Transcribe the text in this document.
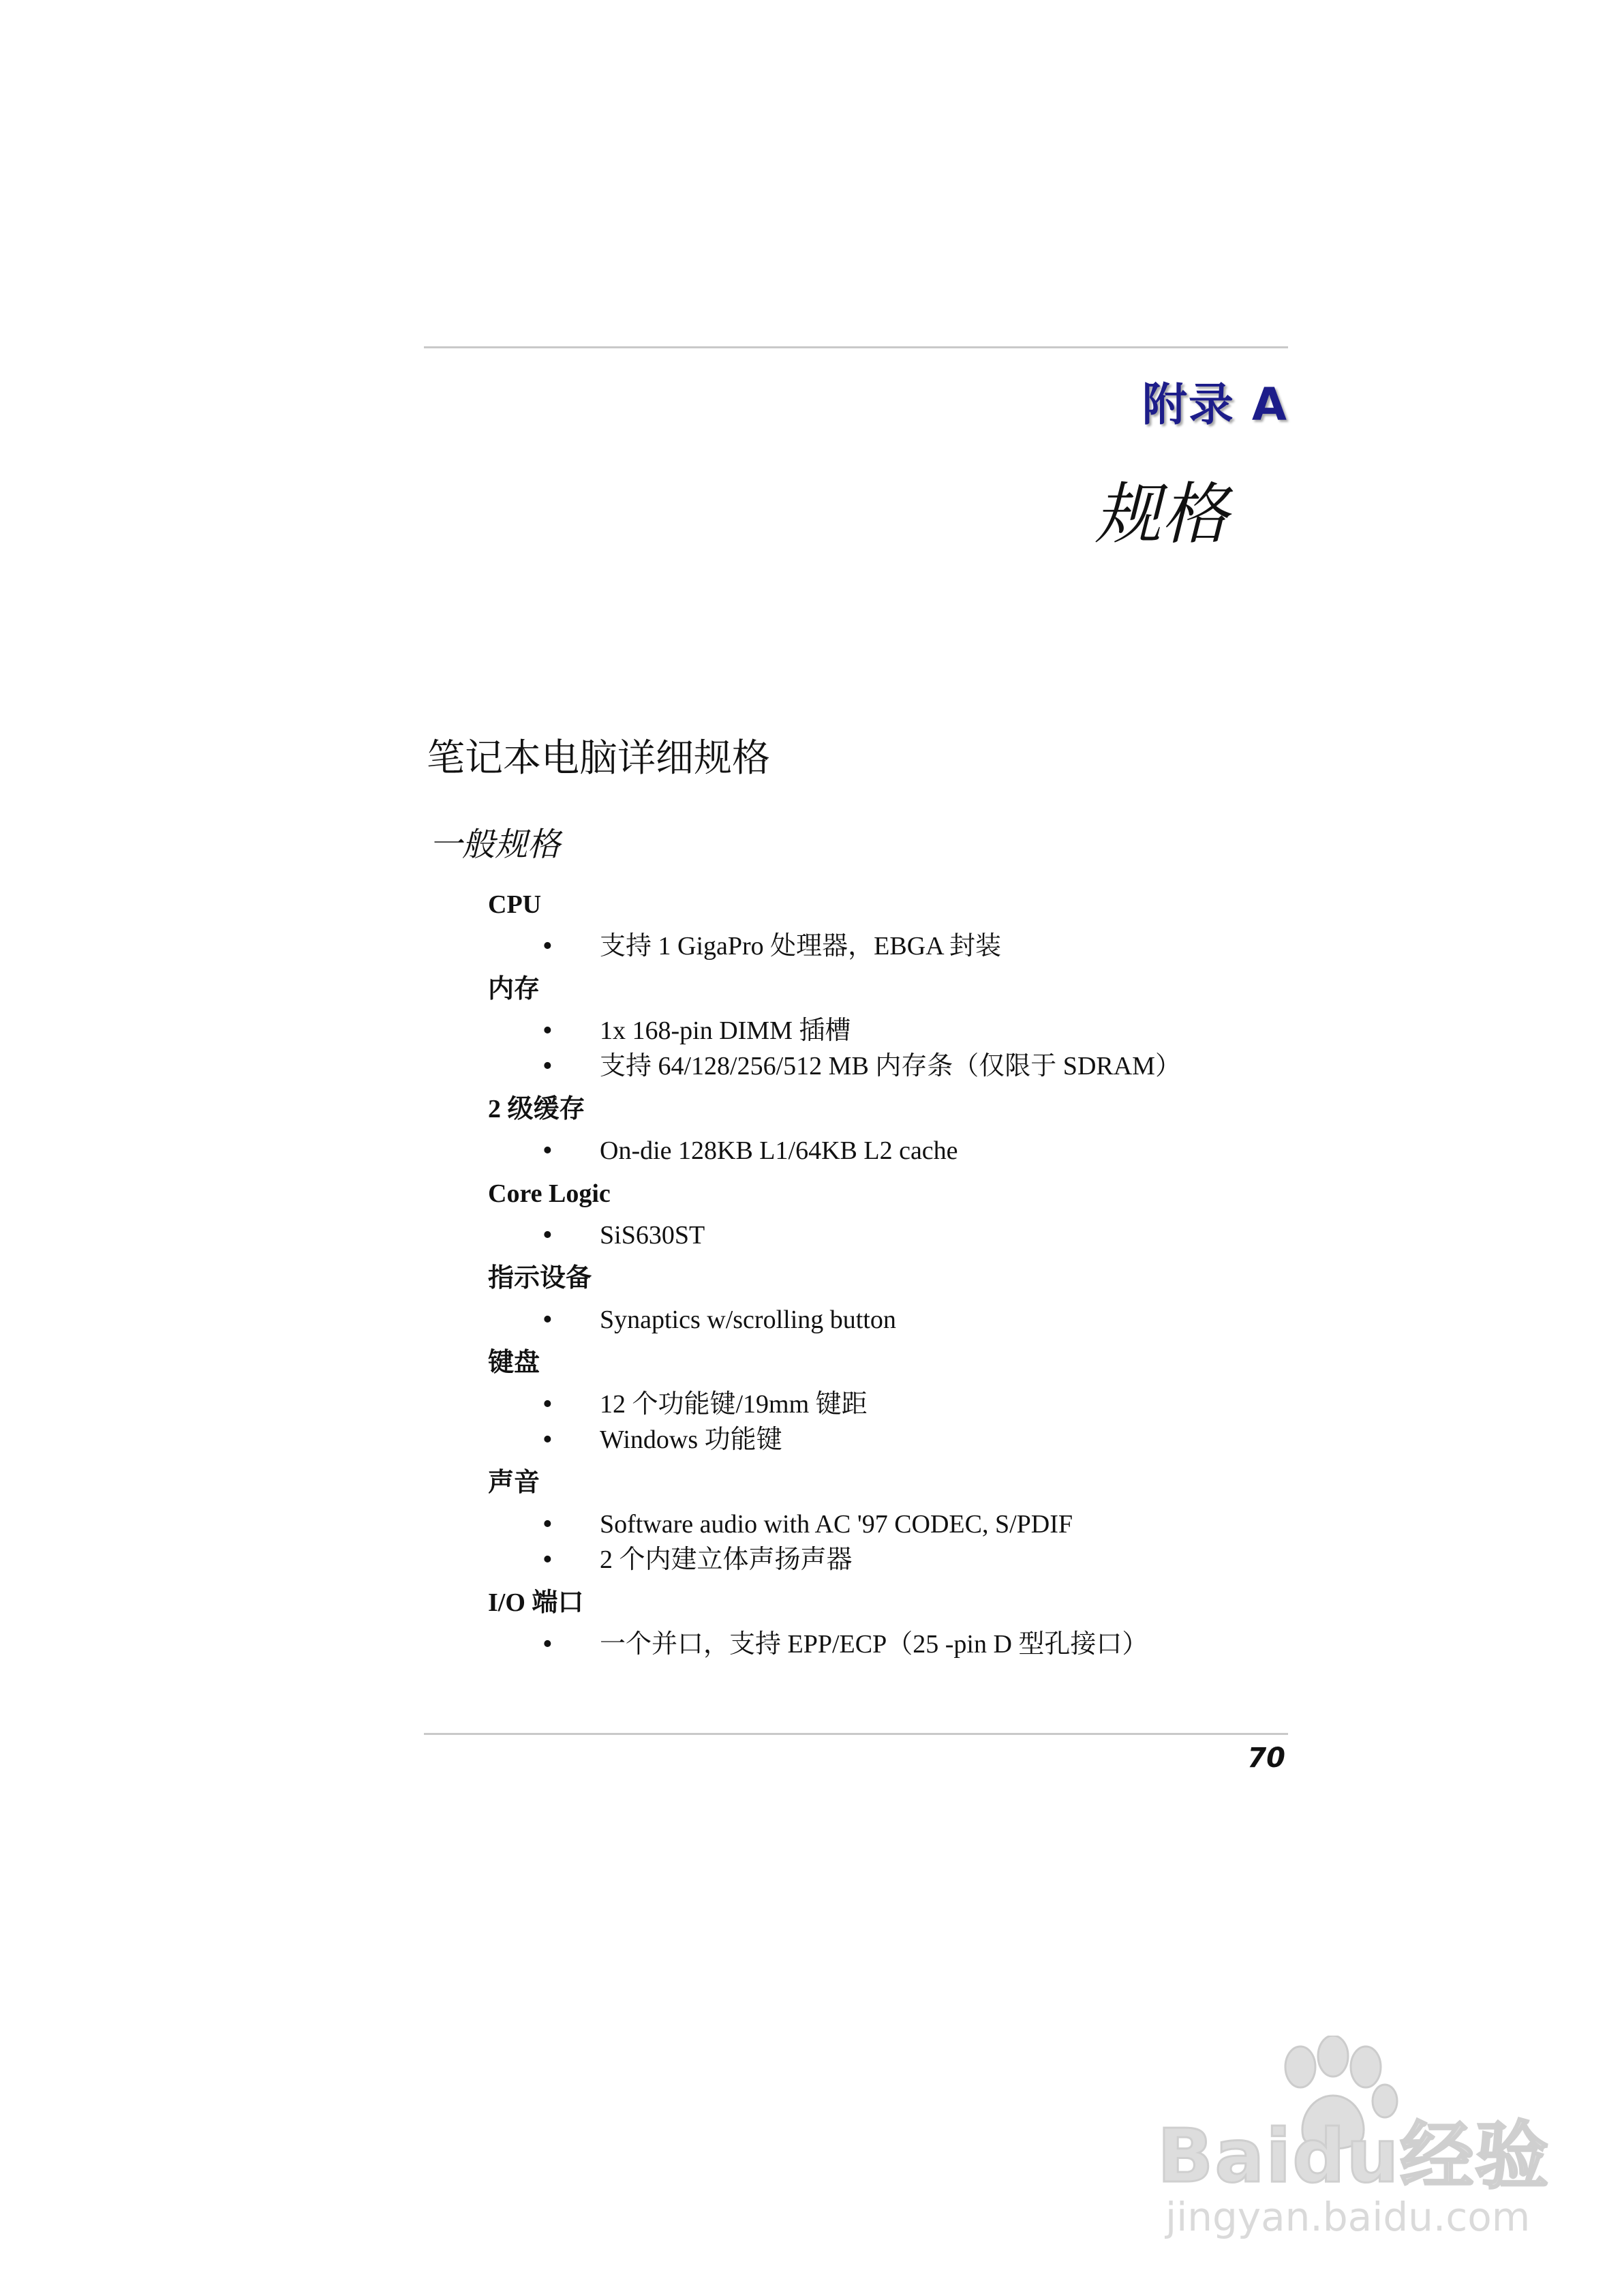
附录 A
规格
笔记本电脑详细规格
一般规格
CPU
• 支持 1 GigaPro 处理器，EBGA 封装
内存
• 1x 168-pin DIMM 插槽
• 支持 64/128/256/512 MB 内存条（仅限于 SDRAM）
2 级缓存
• On-die 128KB L1/64KB L2 cache
Core Logic
• SiS630ST
指示设备
• Synaptics w/scrolling button
键盘
• 12 个功能键/19mm 键距
• Windows 功能键
声音
• Software audio with AC '97 CODEC, S/PDIF
• 2 个内建立体声扬声器
I/O 端口
• 一个并口，支持 EPP/ECP（25 -pin D 型孔接口）
70
Baidu经验
jingyan.baidu.com
